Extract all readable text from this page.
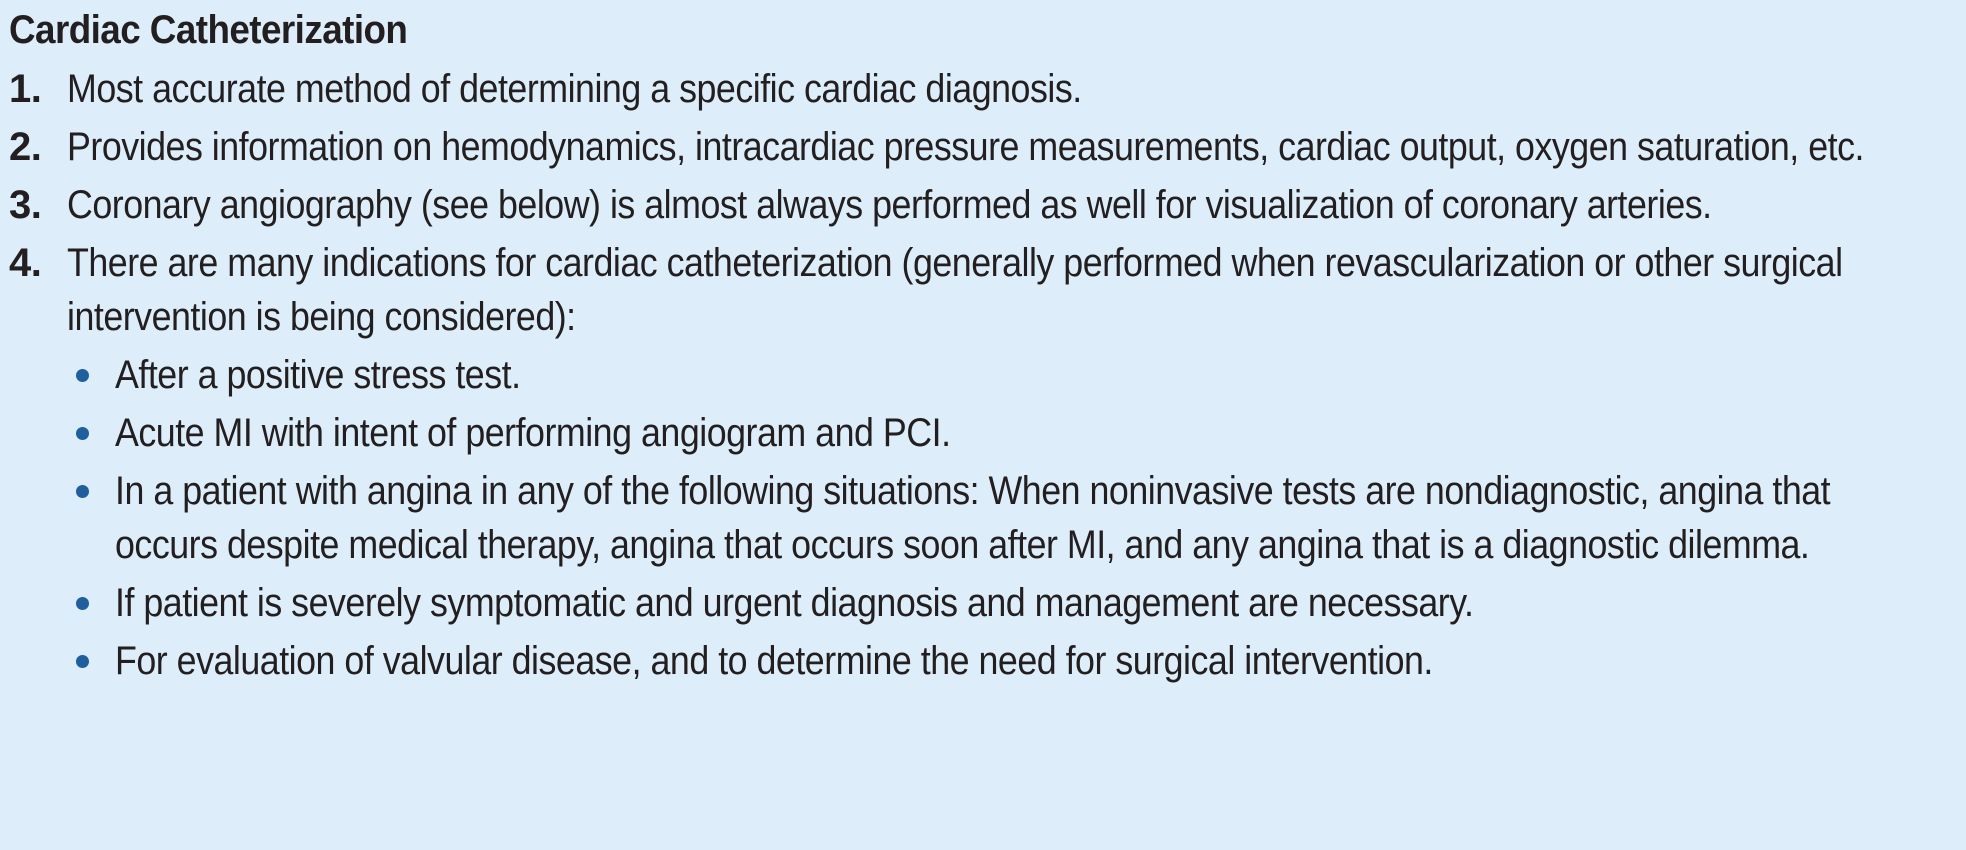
Cardiac Catheterization
1. Most accurate method of determining a specific cardiac diagnosis.
2. Provides information on hemodynamics, intracardiac pressure measurements, cardiac output, oxygen saturation, etc.
3. Coronary angiography (see below) is almost always performed as well for visualization of coronary arteries.
4. There are many indications for cardiac catheterization (generally performed when revascularization or other surgical intervention is being considered):
After a positive stress test.
Acute MI with intent of performing angiogram and PCI.
In a patient with angina in any of the following situations: When noninvasive tests are nondiagnostic, angina that occurs despite medical therapy, angina that occurs soon after MI, and any angina that is a diagnostic dilemma.
If patient is severely symptomatic and urgent diagnosis and management are necessary.
For evaluation of valvular disease, and to determine the need for surgical intervention.
